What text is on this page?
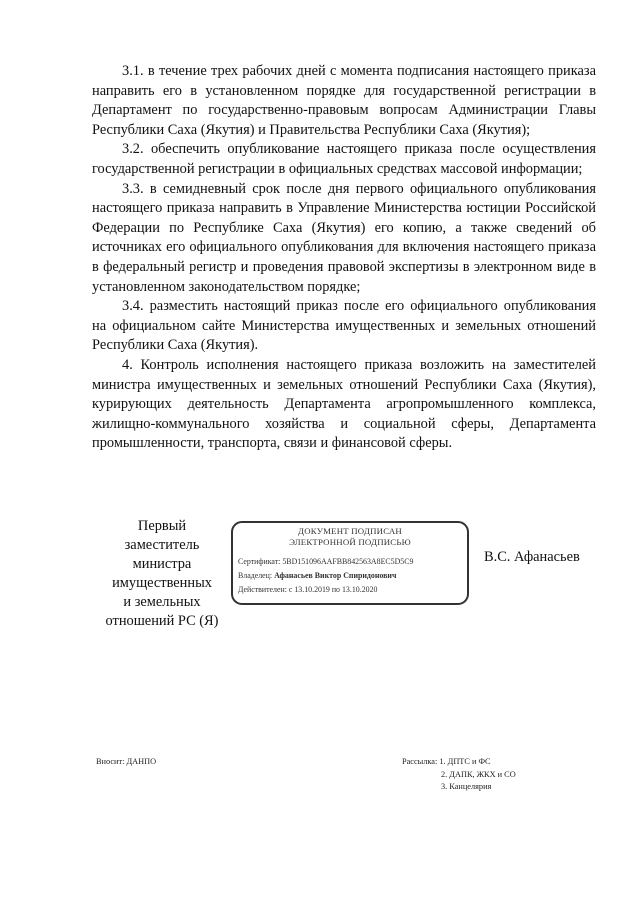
3.1. в течение трех рабочих дней с момента подписания настоящего приказа направить его в установленном порядке для государственной регистрации в Департамент по государственно-правовым вопросам Администрации Главы Республики Саха (Якутия) и Правительства Республики Саха (Якутия);

3.2. обеспечить опубликование настоящего приказа после осуществления государственной регистрации в официальных средствах массовой информации;

3.3. в семидневный срок после дня первого официального опубликования настоящего приказа направить в Управление Министерства юстиции Российской Федерации по Республике Саха (Якутия) его копию, а также сведений об источниках его официального опубликования для включения настоящего приказа в федеральный регистр и проведения правовой экспертизы в электронном виде в установленном законодательством порядке;

3.4. разместить настоящий приказ после его официального опубликования на официальном сайте Министерства имущественных и земельных отношений Республики Саха (Якутия).

4. Контроль исполнения настоящего приказа возложить на заместителей министра имущественных и земельных отношений Республики Саха (Якутия), курирующих деятельность Департамента агропромышленного комплекса, жилищно-коммунального хозяйства и социальной сферы, Департамента промышленности, транспорта, связи и финансовой сферы.

Первый
заместитель
министра
имущественных
и земельных
отношений РС (Я)
ДОКУМЕНТ ПОДПИСАН
ЭЛЕКТРОННОЙ ПОДПИСЬЮ
Сертификат: 5BD151096AAFBB842563A8EC5D5C9
Владелец: Афанасьев Виктор Спиридонович
Действителен: с 13.10.2019 по 13.10.2020
В.С. Афанасьев
Вносит: ДАНПО	Рассылка: 1. ДПТС и ФС
2. ДАПК, ЖКХ и СО
3. Канцелярия
